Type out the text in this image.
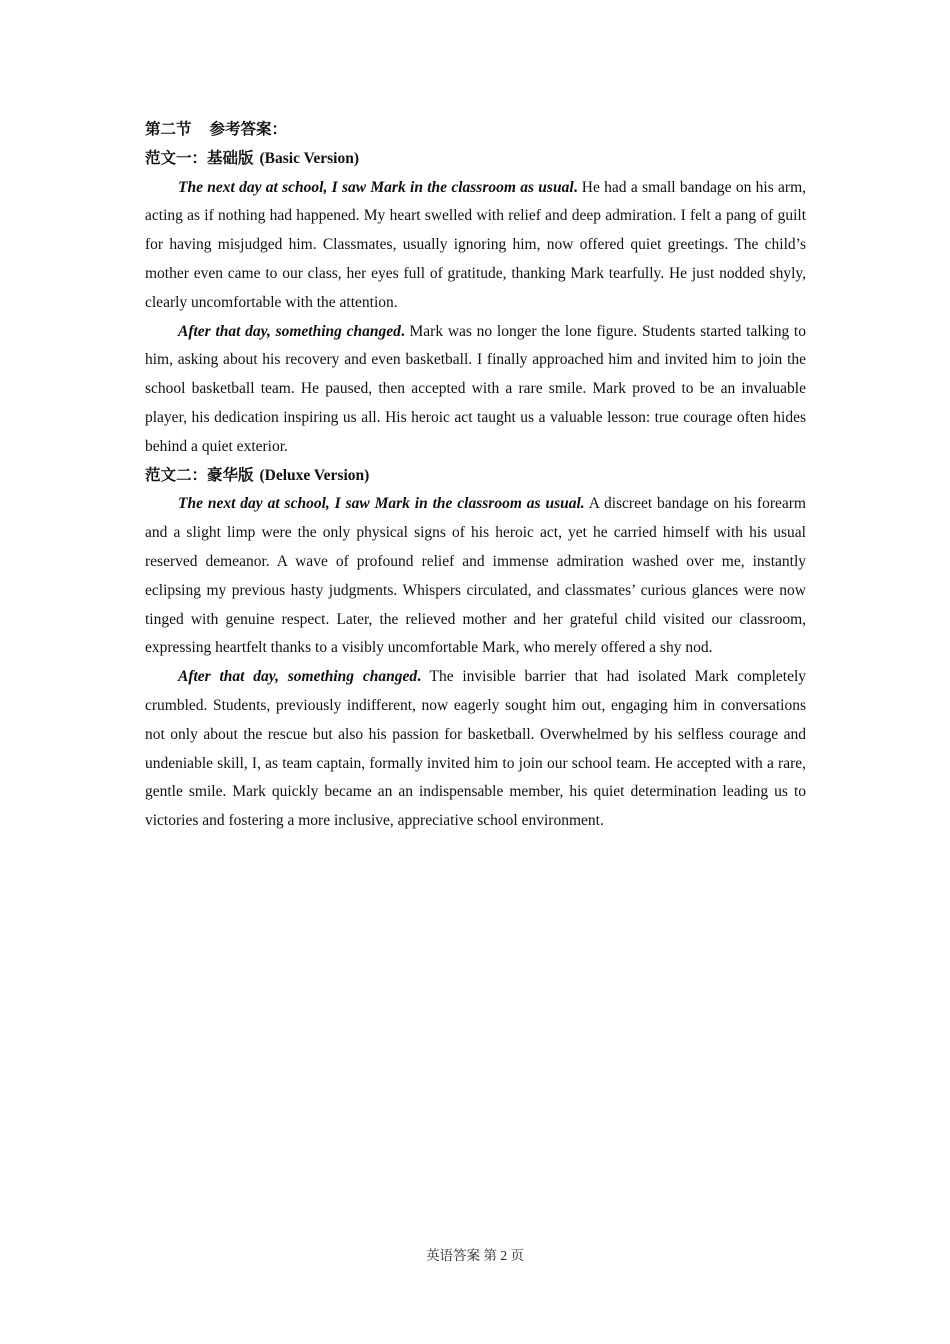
第二节 参考答案：
范文一：基础版 (Basic Version)

The next day at school, I saw Mark in the classroom as usual. He had a small bandage on his arm, acting as if nothing had happened. My heart swelled with relief and deep admiration. I felt a pang of guilt for having misjudged him. Classmates, usually ignoring him, now offered quiet greetings. The child’s mother even came to our class, her eyes full of gratitude, thanking Mark tearfully. He just nodded shyly, clearly uncomfortable with the attention.

After that day, something changed. Mark was no longer the lone figure. Students started talking to him, asking about his recovery and even basketball. I finally approached him and invited him to join the school basketball team. He paused, then accepted with a rare smile. Mark proved to be an invaluable player, his dedication inspiring us all. His heroic act taught us a valuable lesson: true courage often hides behind a quiet exterior.

范文二：豪华版 (Deluxe Version)

The next day at school, I saw Mark in the classroom as usual. A discreet bandage on his forearm and a slight limp were the only physical signs of his heroic act, yet he carried himself with his usual reserved demeanor. A wave of profound relief and immense admiration washed over me, instantly eclipsing my previous hasty judgments. Whispers circulated, and classmates’ curious glances were now tinged with genuine respect. Later, the relieved mother and her grateful child visited our classroom, expressing heartfelt thanks to a visibly uncomfortable Mark, who merely offered a shy nod.

After that day, something changed. The invisible barrier that had isolated Mark completely crumbled. Students, previously indifferent, now eagerly sought him out, engaging him in conversations not only about the rescue but also his passion for basketball. Overwhelmed by his selfless courage and undeniable skill, I, as team captain, formally invited him to join our school team. He accepted with a rare, gentle smile. Mark quickly became an an indispensable member, his quiet determination leading us to victories and fostering a more inclusive, appreciative school environment.

英语答案 第 2 页
